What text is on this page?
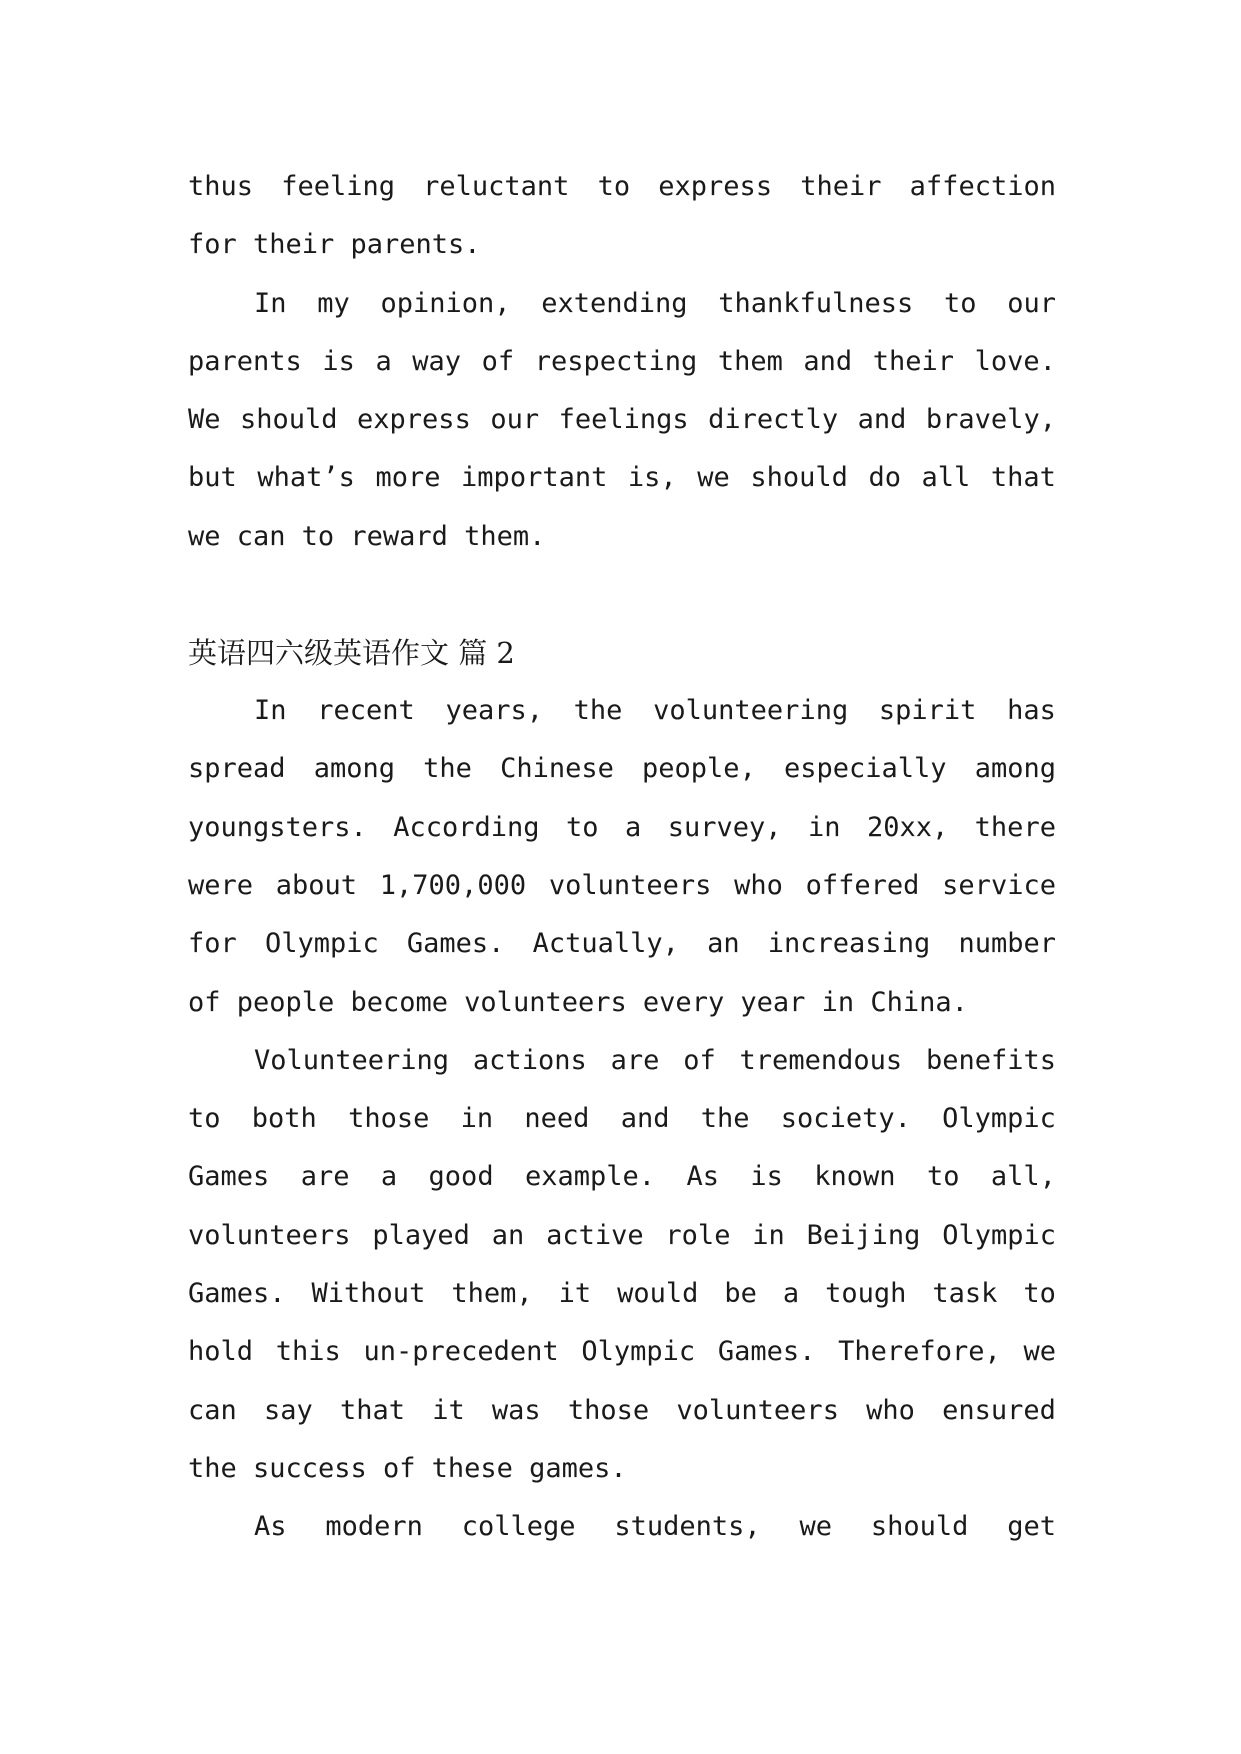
thus feeling reluctant to express their affection
for their parents.
In my opinion, extending thankfulness to our
parents is a way of respecting them and their love.
We should express our feelings directly and bravely,
but what’s more important is, we should do all that
we can to reward them.
英语四六级英语作文 篇 2
In recent years, the volunteering spirit has
spread among the Chinese people, especially among
youngsters. According to a survey, in 20xx, there
were about 1,700,000 volunteers who offered service
for Olympic Games. Actually, an increasing number
of people become volunteers every year in China.
Volunteering actions are of tremendous benefits
to both those in need and the society. Olympic
Games are a good example. As is known to all,
volunteers played an active role in Beijing Olympic
Games. Without them, it would be a tough task to
hold this un-precedent Olympic Games. Therefore, we
can say that it was those volunteers who ensured
the success of these games.
As modern college students, we should get
